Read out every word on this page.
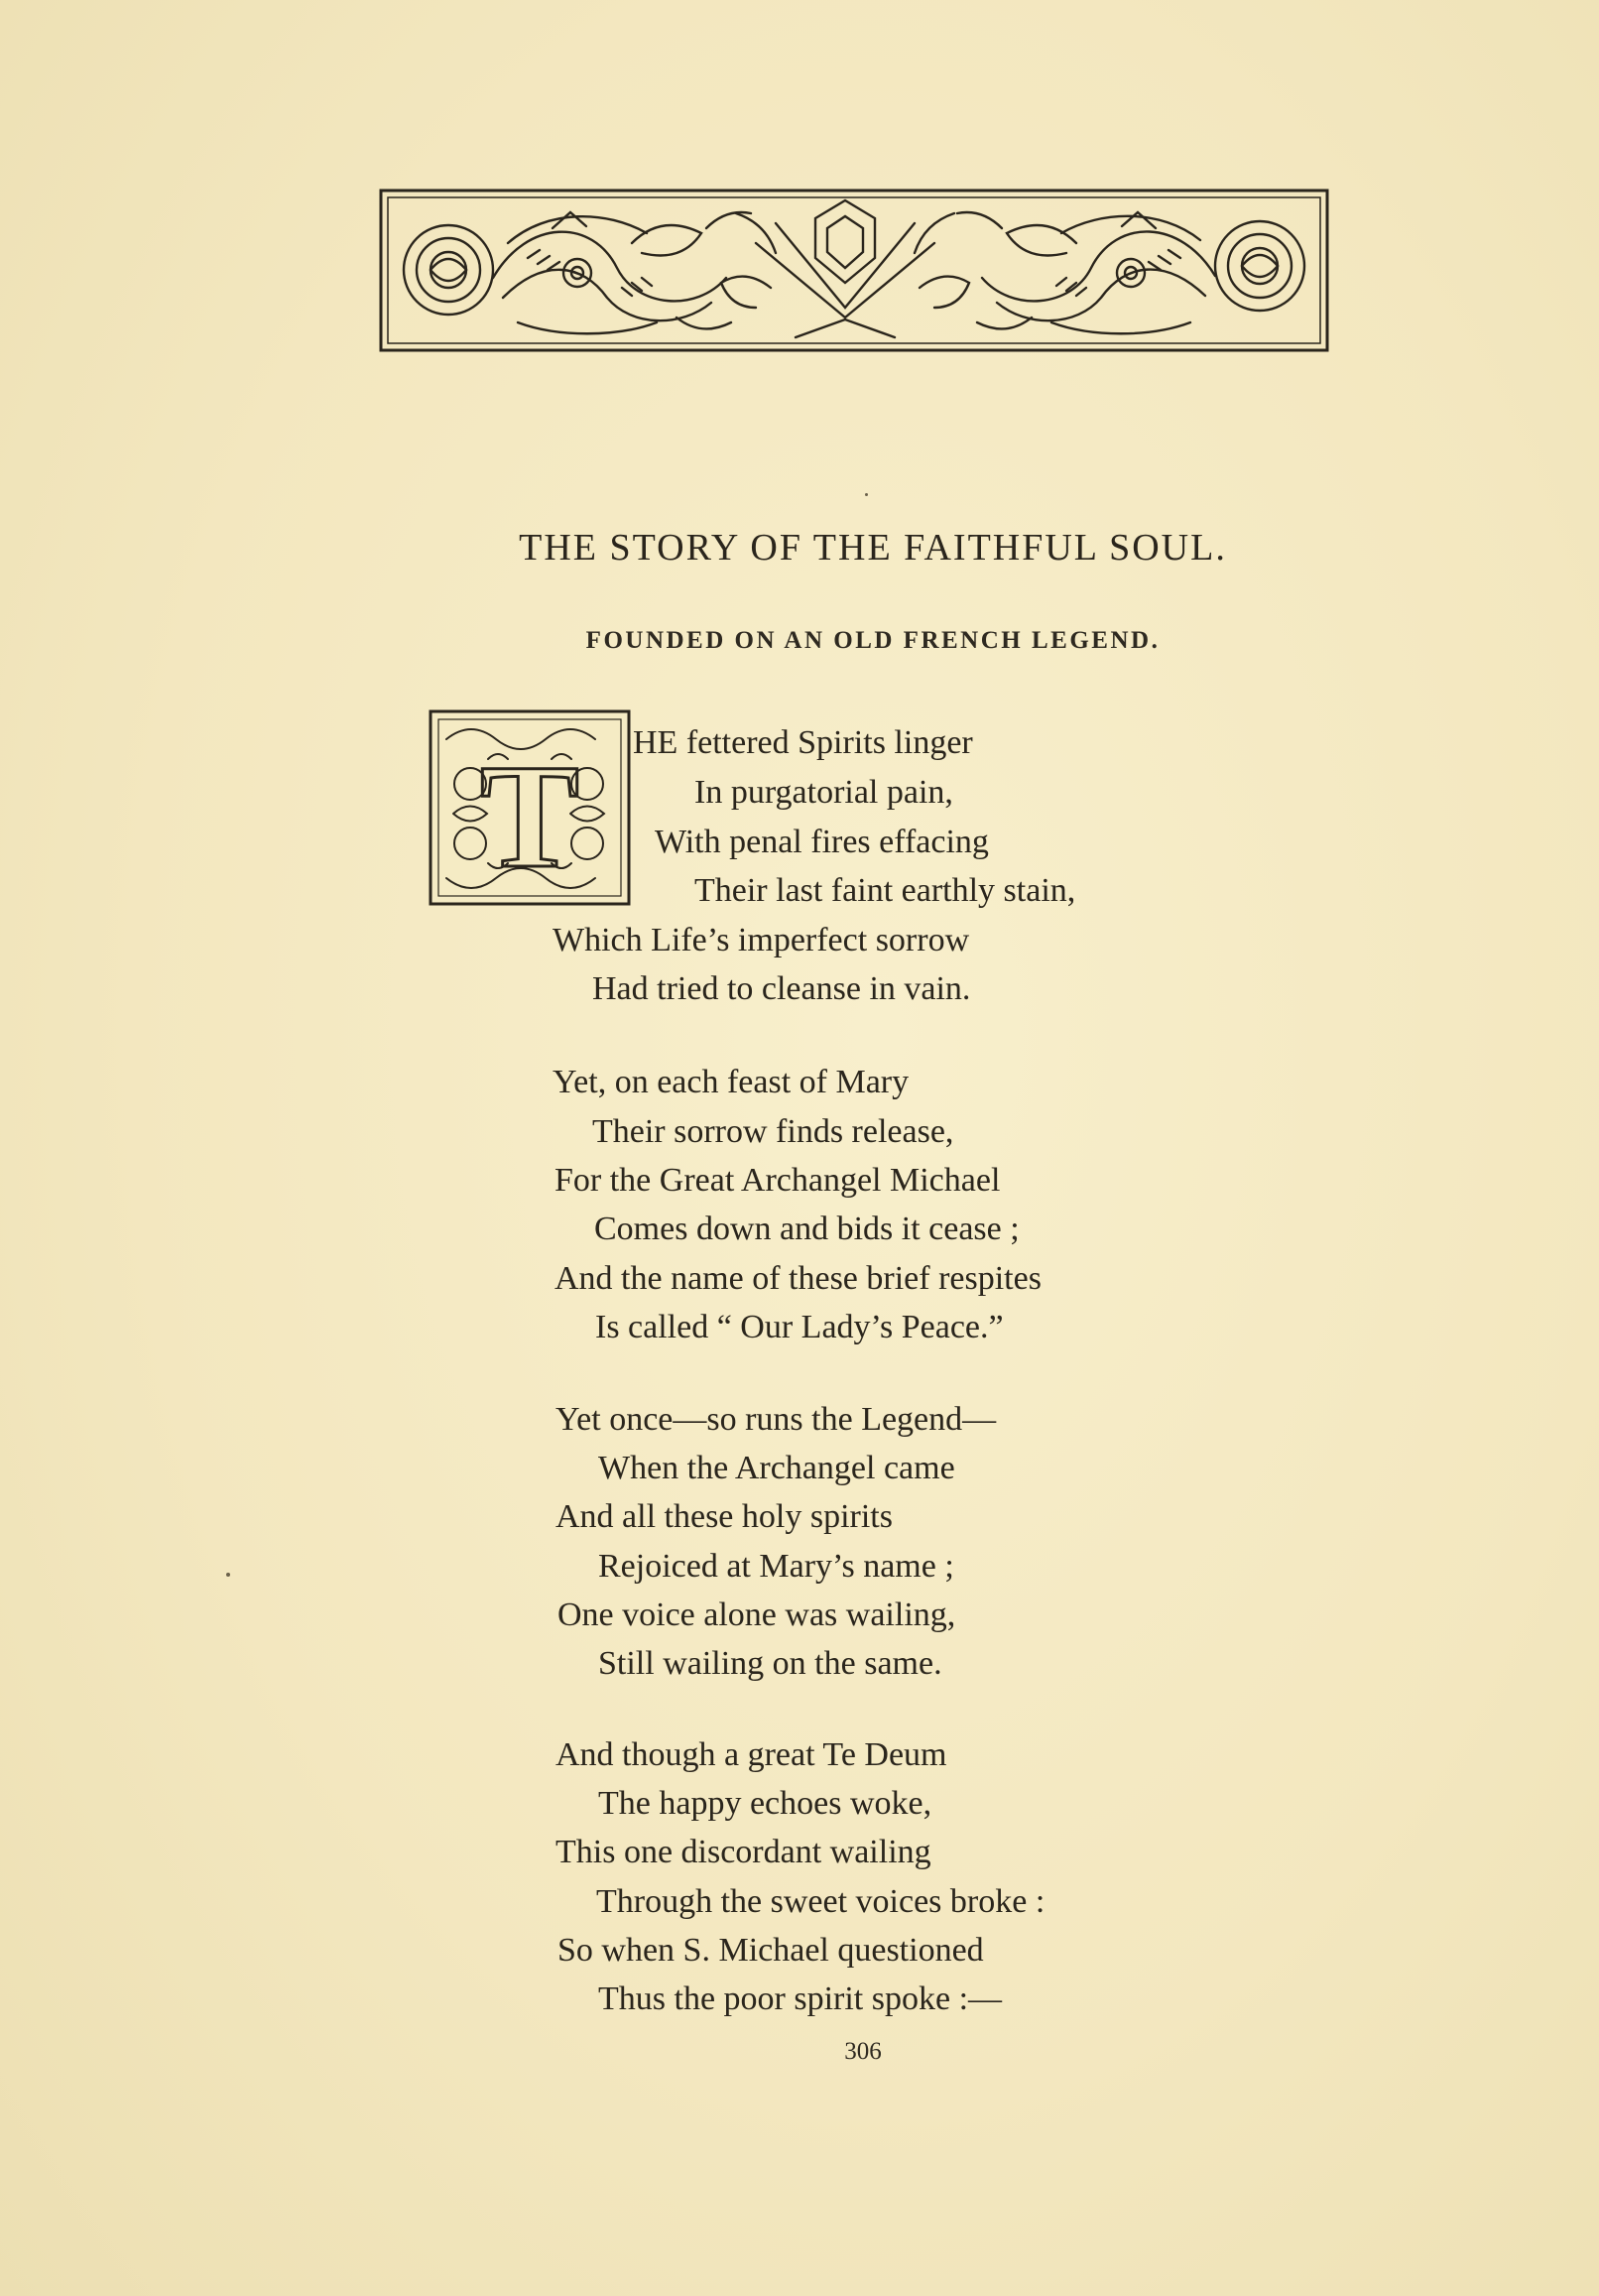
THE STORY OF THE FAITHFUL SOUL.
FOUNDED ON AN OLD FRENCH LEGEND.
T HE fettered Spirits linger
In purgatorial pain,
With penal fires effacing
Their last faint earthly stain,
Which Life’s imperfect sorrow
Had tried to cleanse in vain.
Yet, on each feast of Mary
Their sorrow finds release,
For the Great Archangel Michael
Comes down and bids it cease ;
And the name of these brief respites
Is called “ Our Lady’s Peace.”
Yet once—so runs the Legend—
When the Archangel came
And all these holy spirits
Rejoiced at Mary’s name ;
One voice alone was wailing,
Still wailing on the same.
And though a great Te Deum
The happy echoes woke,
This one discordant wailing
Through the sweet voices broke :
So when S. Michael questioned
Thus the poor spirit spoke :—
306
